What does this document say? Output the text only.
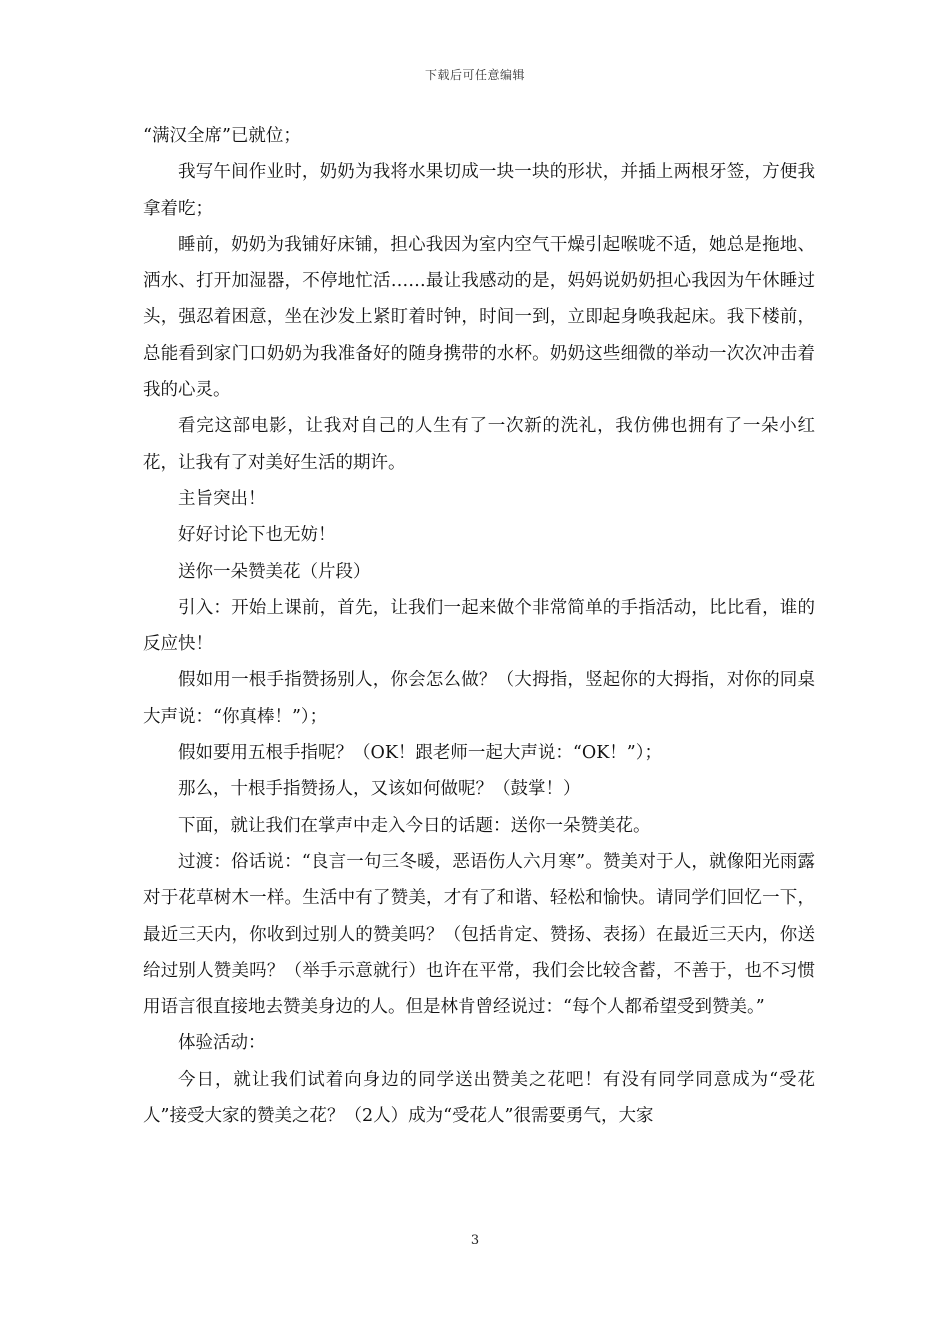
下载后可任意编辑

“满汉全席”已就位；

我写午间作业时，奶奶为我将水果切成一块一块的形状，并插上两根牙签，方便我拿着吃；

睡前，奶奶为我铺好床铺，担心我因为室内空气干燥引起喉咙不适，她总是拖地、洒水、打开加湿器，不停地忙活……最让我感动的是，妈妈说奶奶担心我因为午休睡过头，强忍着困意，坐在沙发上紧盯着时钟，时间一到，立即起身唤我起床。我下楼前，总能看到家门口奶奶为我准备好的随身携带的水杯。奶奶这些细微的举动一次次冲击着我的心灵。

看完这部电影，让我对自己的人生有了一次新的洗礼，我仿佛也拥有了一朵小红花，让我有了对美好生活的期许。

主旨突出！

好好讨论下也无妨！

送你一朵赞美花（片段）

引入：开始上课前，首先，让我们一起来做个非常简单的手指活动，比比看，谁的反应快！

假如用一根手指赞扬别人，你会怎么做？（大拇指，竖起你的大拇指，对你的同桌大声说：“你真棒！”）；

假如要用五根手指呢？（OK！跟老师一起大声说：“OK！”）；

那么，十根手指赞扬人，又该如何做呢？（鼓掌！）

下面，就让我们在掌声中走入今日的话题：送你一朵赞美花。

过渡：俗话说：“良言一句三冬暖，恶语伤人六月寒”。赞美对于人，就像阳光雨露对于花草树木一样。生活中有了赞美，才有了和谐、轻松和愉快。请同学们回忆一下，最近三天内，你收到过别人的赞美吗？（包括肯定、赞扬、表扬）在最近三天内，你送给过别人赞美吗？（举手示意就行）也许在平常，我们会比较含蓄，不善于，也不习惯用语言很直接地去赞美身边的人。但是林肯曾经说过：“每个人都希望受到赞美。”

体验活动：

今日，就让我们试着向身边的同学送出赞美之花吧！有没有同学同意成为“受花人”接受大家的赞美之花？（2人）成为“受花人”很需要勇气，大家

3
